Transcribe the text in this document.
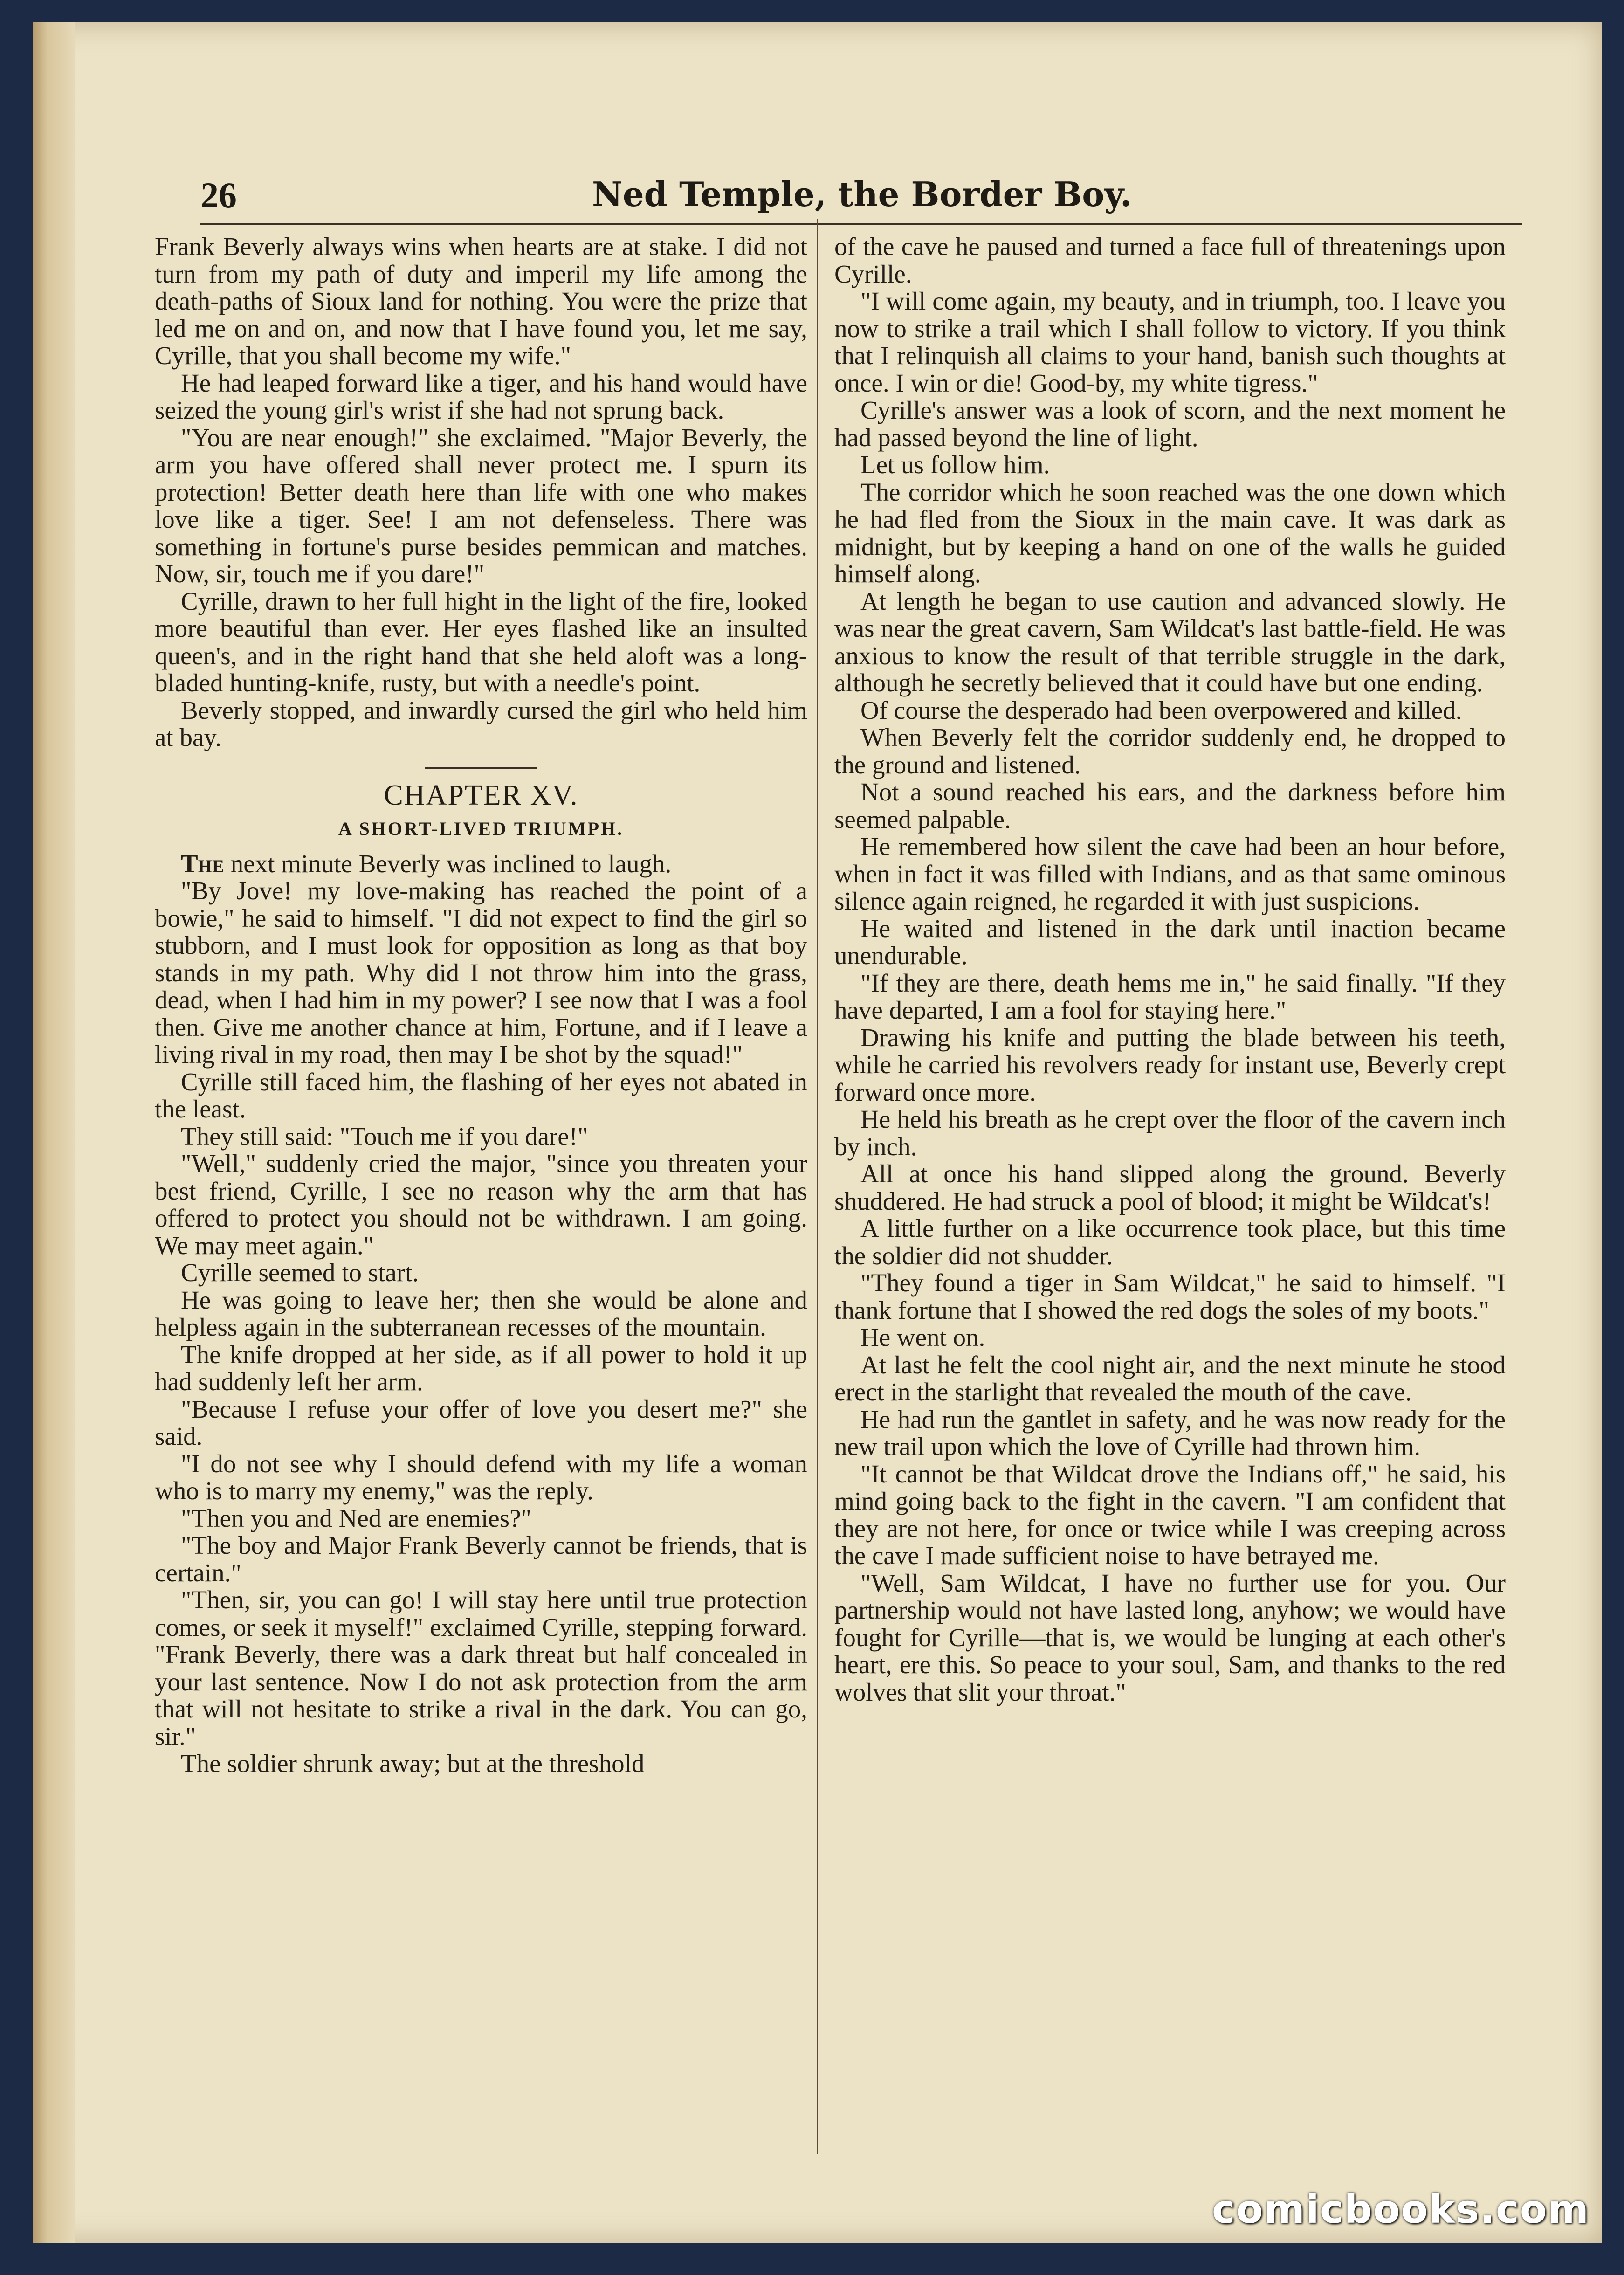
26	Ned Temple, the Border Boy.

Frank Beverly always wins when hearts are at stake. I did not turn from my path of duty and imperil my life among the death-paths of Sioux land for nothing. You were the prize that led me on and on, and now that I have found you, let me say, Cyrille, that you shall become my wife."

He had leaped forward like a tiger, and his hand would have seized the young girl's wrist if she had not sprung back.

"You are near enough!" she exclaimed. "Major Beverly, the arm you have offered shall never protect me. I spurn its protection! Better death here than life with one who makes love like a tiger. See! I am not defenseless. There was something in fortune's purse besides pemmican and matches. Now, sir, touch me if you dare!"

Cyrille, drawn to her full hight in the light of the fire, looked more beautiful than ever. Her eyes flashed like an insulted queen's, and in the right hand that she held aloft was a long-bladed hunting-knife, rusty, but with a needle's point.

Beverly stopped, and inwardly cursed the girl who held him at bay.

CHAPTER XV.
A SHORT-LIVED TRIUMPH.

The next minute Beverly was inclined to laugh.

"By Jove! my love-making has reached the point of a bowie," he said to himself. "I did not expect to find the girl so stubborn, and I must look for opposition as long as that boy stands in my path. Why did I not throw him into the grass, dead, when I had him in my power? I see now that I was a fool then. Give me another chance at him, Fortune, and if I leave a living rival in my road, then may I be shot by the squad!"

Cyrille still faced him, the flashing of her eyes not abated in the least.

They still said: "Touch me if you dare!"

"Well," suddenly cried the major, "since you threaten your best friend, Cyrille, I see no reason why the arm that has offered to protect you should not be withdrawn. I am going. We may meet again."

Cyrille seemed to start.

He was going to leave her; then she would be alone and helpless again in the subterranean recesses of the mountain.

The knife dropped at her side, as if all power to hold it up had suddenly left her arm.

"Because I refuse your offer of love you desert me?" she said.

"I do not see why I should defend with my life a woman who is to marry my enemy," was the reply.

"Then you and Ned are enemies?"

"The boy and Major Frank Beverly cannot be friends, that is certain."

"Then, sir, you can go! I will stay here until true protection comes, or seek it myself!" exclaimed Cyrille, stepping forward. "Frank Beverly, there was a dark threat but half concealed in your last sentence. Now I do not ask protection from the arm that will not hesitate to strike a rival in the dark. You can go, sir."

The soldier shrunk away; but at the threshold

of the cave he paused and turned a face full of threatenings upon Cyrille.

"I will come again, my beauty, and in triumph, too. I leave you now to strike a trail which I shall follow to victory. If you think that I relinquish all claims to your hand, banish such thoughts at once. I win or die! Good-by, my white tigress."

Cyrille's answer was a look of scorn, and the next moment he had passed beyond the line of light.

Let us follow him.

The corridor which he soon reached was the one down which he had fled from the Sioux in the main cave. It was dark as midnight, but by keeping a hand on one of the walls he guided himself along.

At length he began to use caution and advanced slowly. He was near the great cavern, Sam Wildcat's last battle-field. He was anxious to know the result of that terrible struggle in the dark, although he secretly believed that it could have but one ending.

Of course the desperado had been overpowered and killed.

When Beverly felt the corridor suddenly end, he dropped to the ground and listened.

Not a sound reached his ears, and the darkness before him seemed palpable.

He remembered how silent the cave had been an hour before, when in fact it was filled with Indians, and as that same ominous silence again reigned, he regarded it with just suspicions.

He waited and listened in the dark until inaction became unendurable.

"If they are there, death hems me in," he said finally. "If they have departed, I am a fool for staying here."

Drawing his knife and putting the blade between his teeth, while he carried his revolvers ready for instant use, Beverly crept forward once more.

He held his breath as he crept over the floor of the cavern inch by inch.

All at once his hand slipped along the ground. Beverly shuddered. He had struck a pool of blood; it might be Wildcat's!

A little further on a like occurrence took place, but this time the soldier did not shudder.

"They found a tiger in Sam Wildcat," he said to himself. "I thank fortune that I showed the red dogs the soles of my boots."

He went on.

At last he felt the cool night air, and the next minute he stood erect in the starlight that revealed the mouth of the cave.

He had run the gantlet in safety, and he was now ready for the new trail upon which the love of Cyrille had thrown him.

"It cannot be that Wildcat drove the Indians off," he said, his mind going back to the fight in the cavern. "I am confident that they are not here, for once or twice while I was creeping across the cave I made sufficient noise to have betrayed me.

"Well, Sam Wildcat, I have no further use for you. Our partnership would not have lasted long, anyhow; we would have fought for Cyrille—that is, we would be lunging at each other's heart, ere this. So peace to your soul, Sam, and thanks to the red wolves that slit your throat."

comicbooks.com
